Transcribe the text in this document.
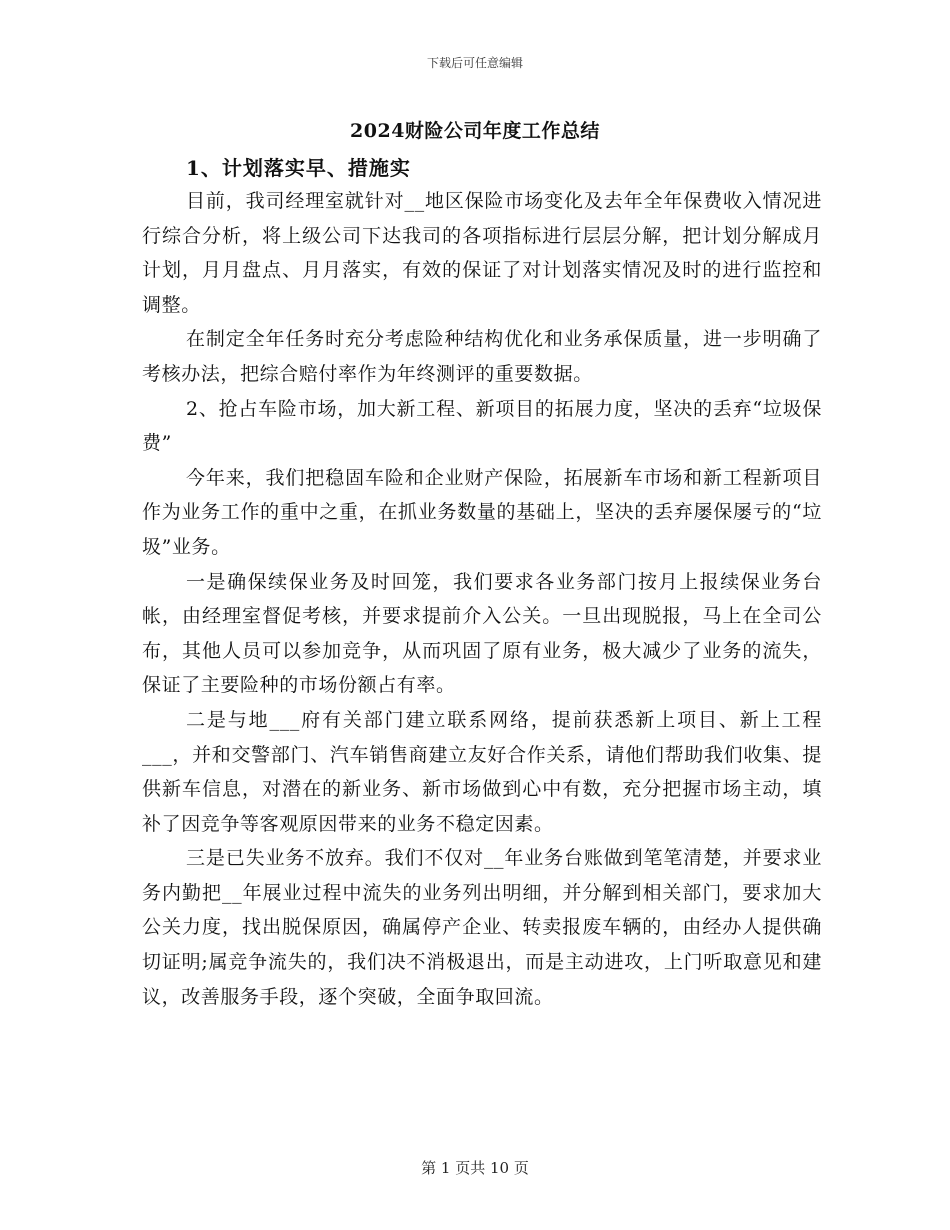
下载后可任意编辑
2024财险公司年度工作总结
1、计划落实早、措施实

目前，我司经理室就针对__地区保险市场变化及去年全年保费收入情况进行综合分析，将上级公司下达我司的各项指标进行层层分解，把计划分解成月计划，月月盘点、月月落实，有效的保证了对计划落实情况及时的进行监控和调整。

在制定全年任务时充分考虑险种结构优化和业务承保质量，进一步明确了考核办法，把综合赔付率作为年终测评的重要数据。

2、抢占车险市场，加大新工程、新项目的拓展力度，坚决的丢弃“垃圾保费”

今年来，我们把稳固车险和企业财产保险，拓展新车市场和新工程新项目作为业务工作的重中之重，在抓业务数量的基础上，坚决的丢弃屡保屡亏的“垃圾”业务。

一是确保续保业务及时回笼，我们要求各业务部门按月上报续保业务台帐，由经理室督促考核，并要求提前介入公关。一旦出现脱报，马上在全司公布，其他人员可以参加竞争，从而巩固了原有业务，极大减少了业务的流失，保证了主要险种的市场份额占有率。

二是与地___府有关部门建立联系网络，提前获悉新上项目、新上工程___，并和交警部门、汽车销售商建立友好合作关系，请他们帮助我们收集、提供新车信息，对潜在的新业务、新市场做到心中有数，充分把握市场主动，填补了因竞争等客观原因带来的业务不稳定因素。

三是已失业务不放弃。我们不仅对__年业务台账做到笔笔清楚，并要求业务内勤把__年展业过程中流失的业务列出明细，并分解到相关部门，要求加大公关力度，找出脱保原因，确属停产企业、转卖报废车辆的，由经办人提供确切证明;属竞争流失的，我们决不消极退出，而是主动进攻，上门听取意见和建议，改善服务手段，逐个突破，全面争取回流。

第 1 页共 10 页
